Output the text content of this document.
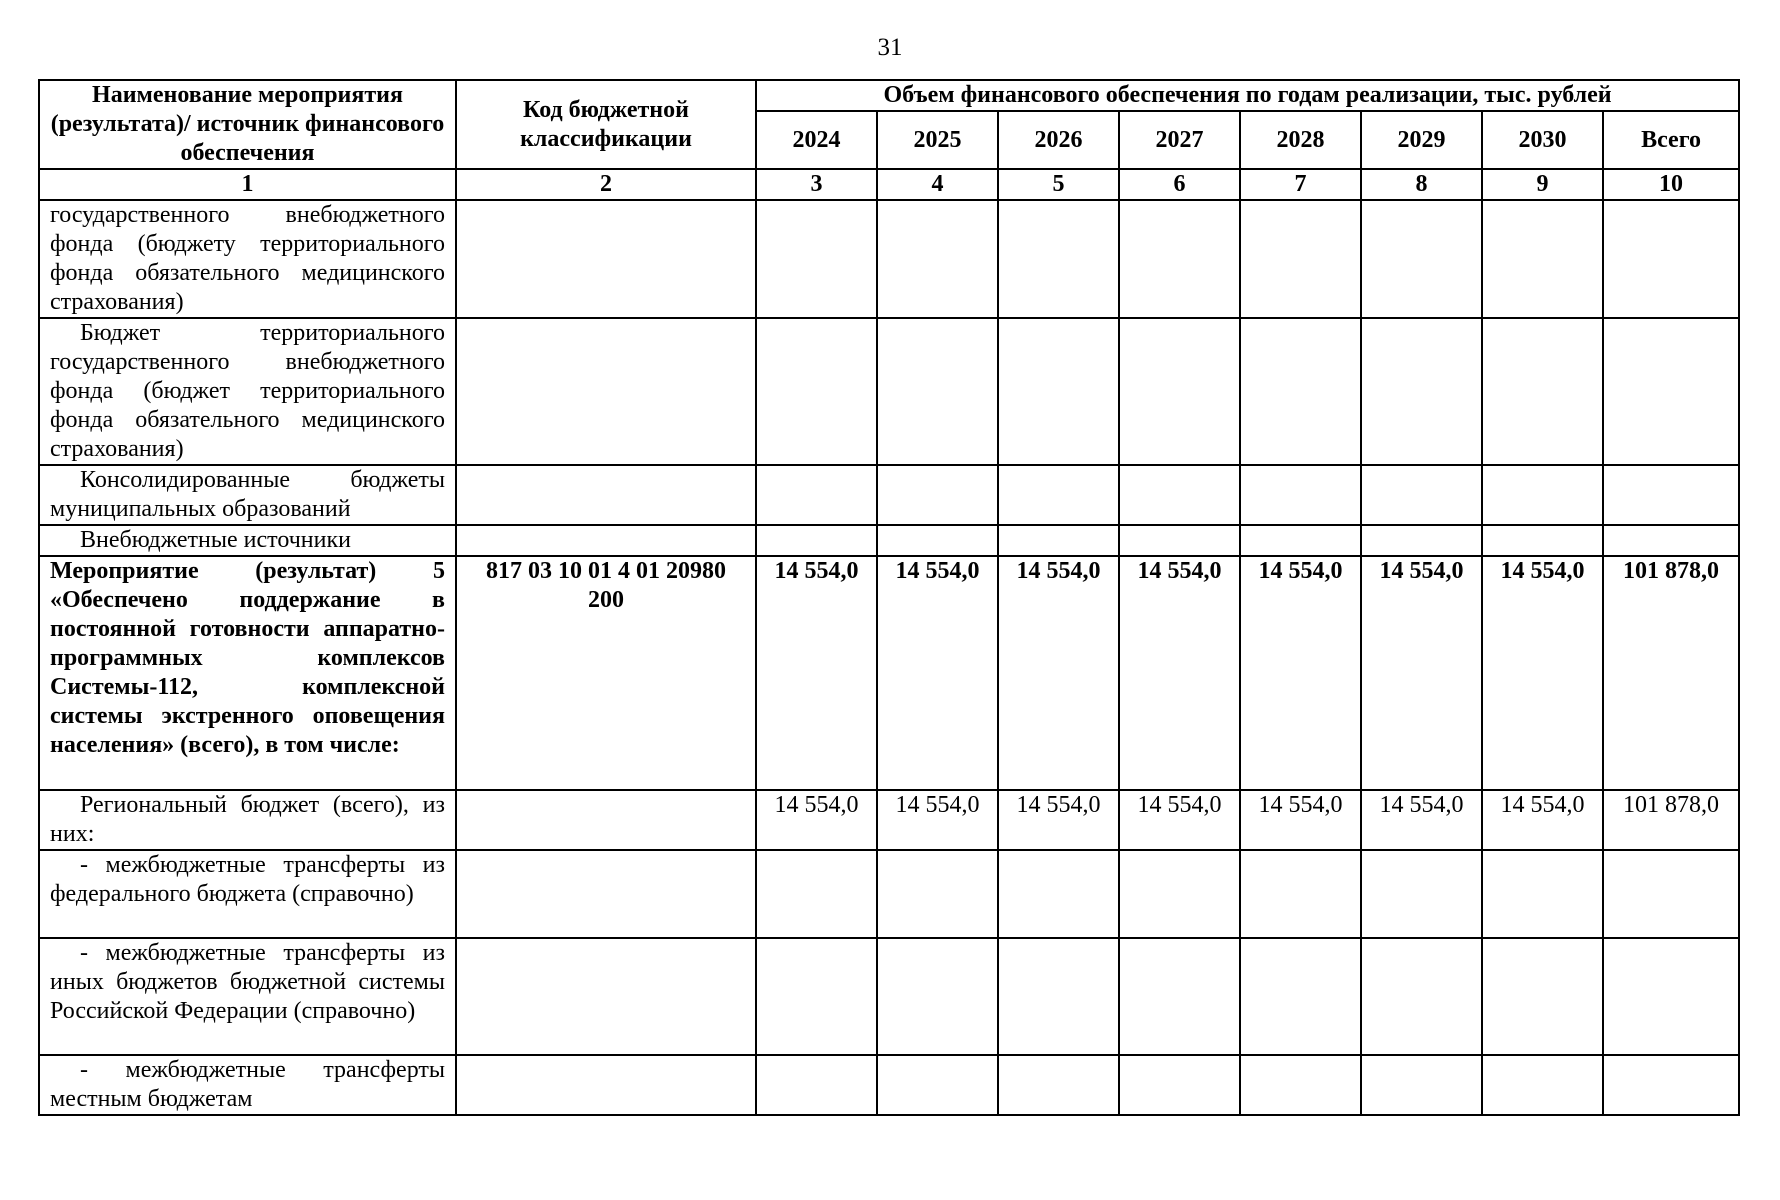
31
Наименование мероприятия (результата)/ источник финансового обеспечения	Код бюджетной классификации	Объем финансового обеспечения по годам реализации, тыс. рублей							
		2024	2025	2026	2027	2028	2029	2030	Всего
1	2	3	4	5	6	7	8	9	10
государственного внебюджетного фонда (бюджету территориального фонда обязательного медицинского страхования)									
Бюджет территориального государственного внебюджетного фонда (бюджет территориального фонда обязательного медицинского страхования)									
Консолидированные бюджеты муниципальных образований									
Внебюджетные источники									
Мероприятие (результат) 5 «Обеспечено поддержание в постоянной готовности аппаратно-программных комплексов Системы-112, комплексной системы экстренного оповещения населения» (всего), в том числе:	817 03 10 01 4 01 20980 200	14 554,0	14 554,0	14 554,0	14 554,0	14 554,0	14 554,0	14 554,0	101 878,0
Региональный бюджет (всего), из них:		14 554,0	14 554,0	14 554,0	14 554,0	14 554,0	14 554,0	14 554,0	101 878,0
- межбюджетные трансферты из федерального бюджета (справочно)									
- межбюджетные трансферты из иных бюджетов бюджетной системы Российской Федерации (справочно)									
- межбюджетные трансферты местным бюджетам									
